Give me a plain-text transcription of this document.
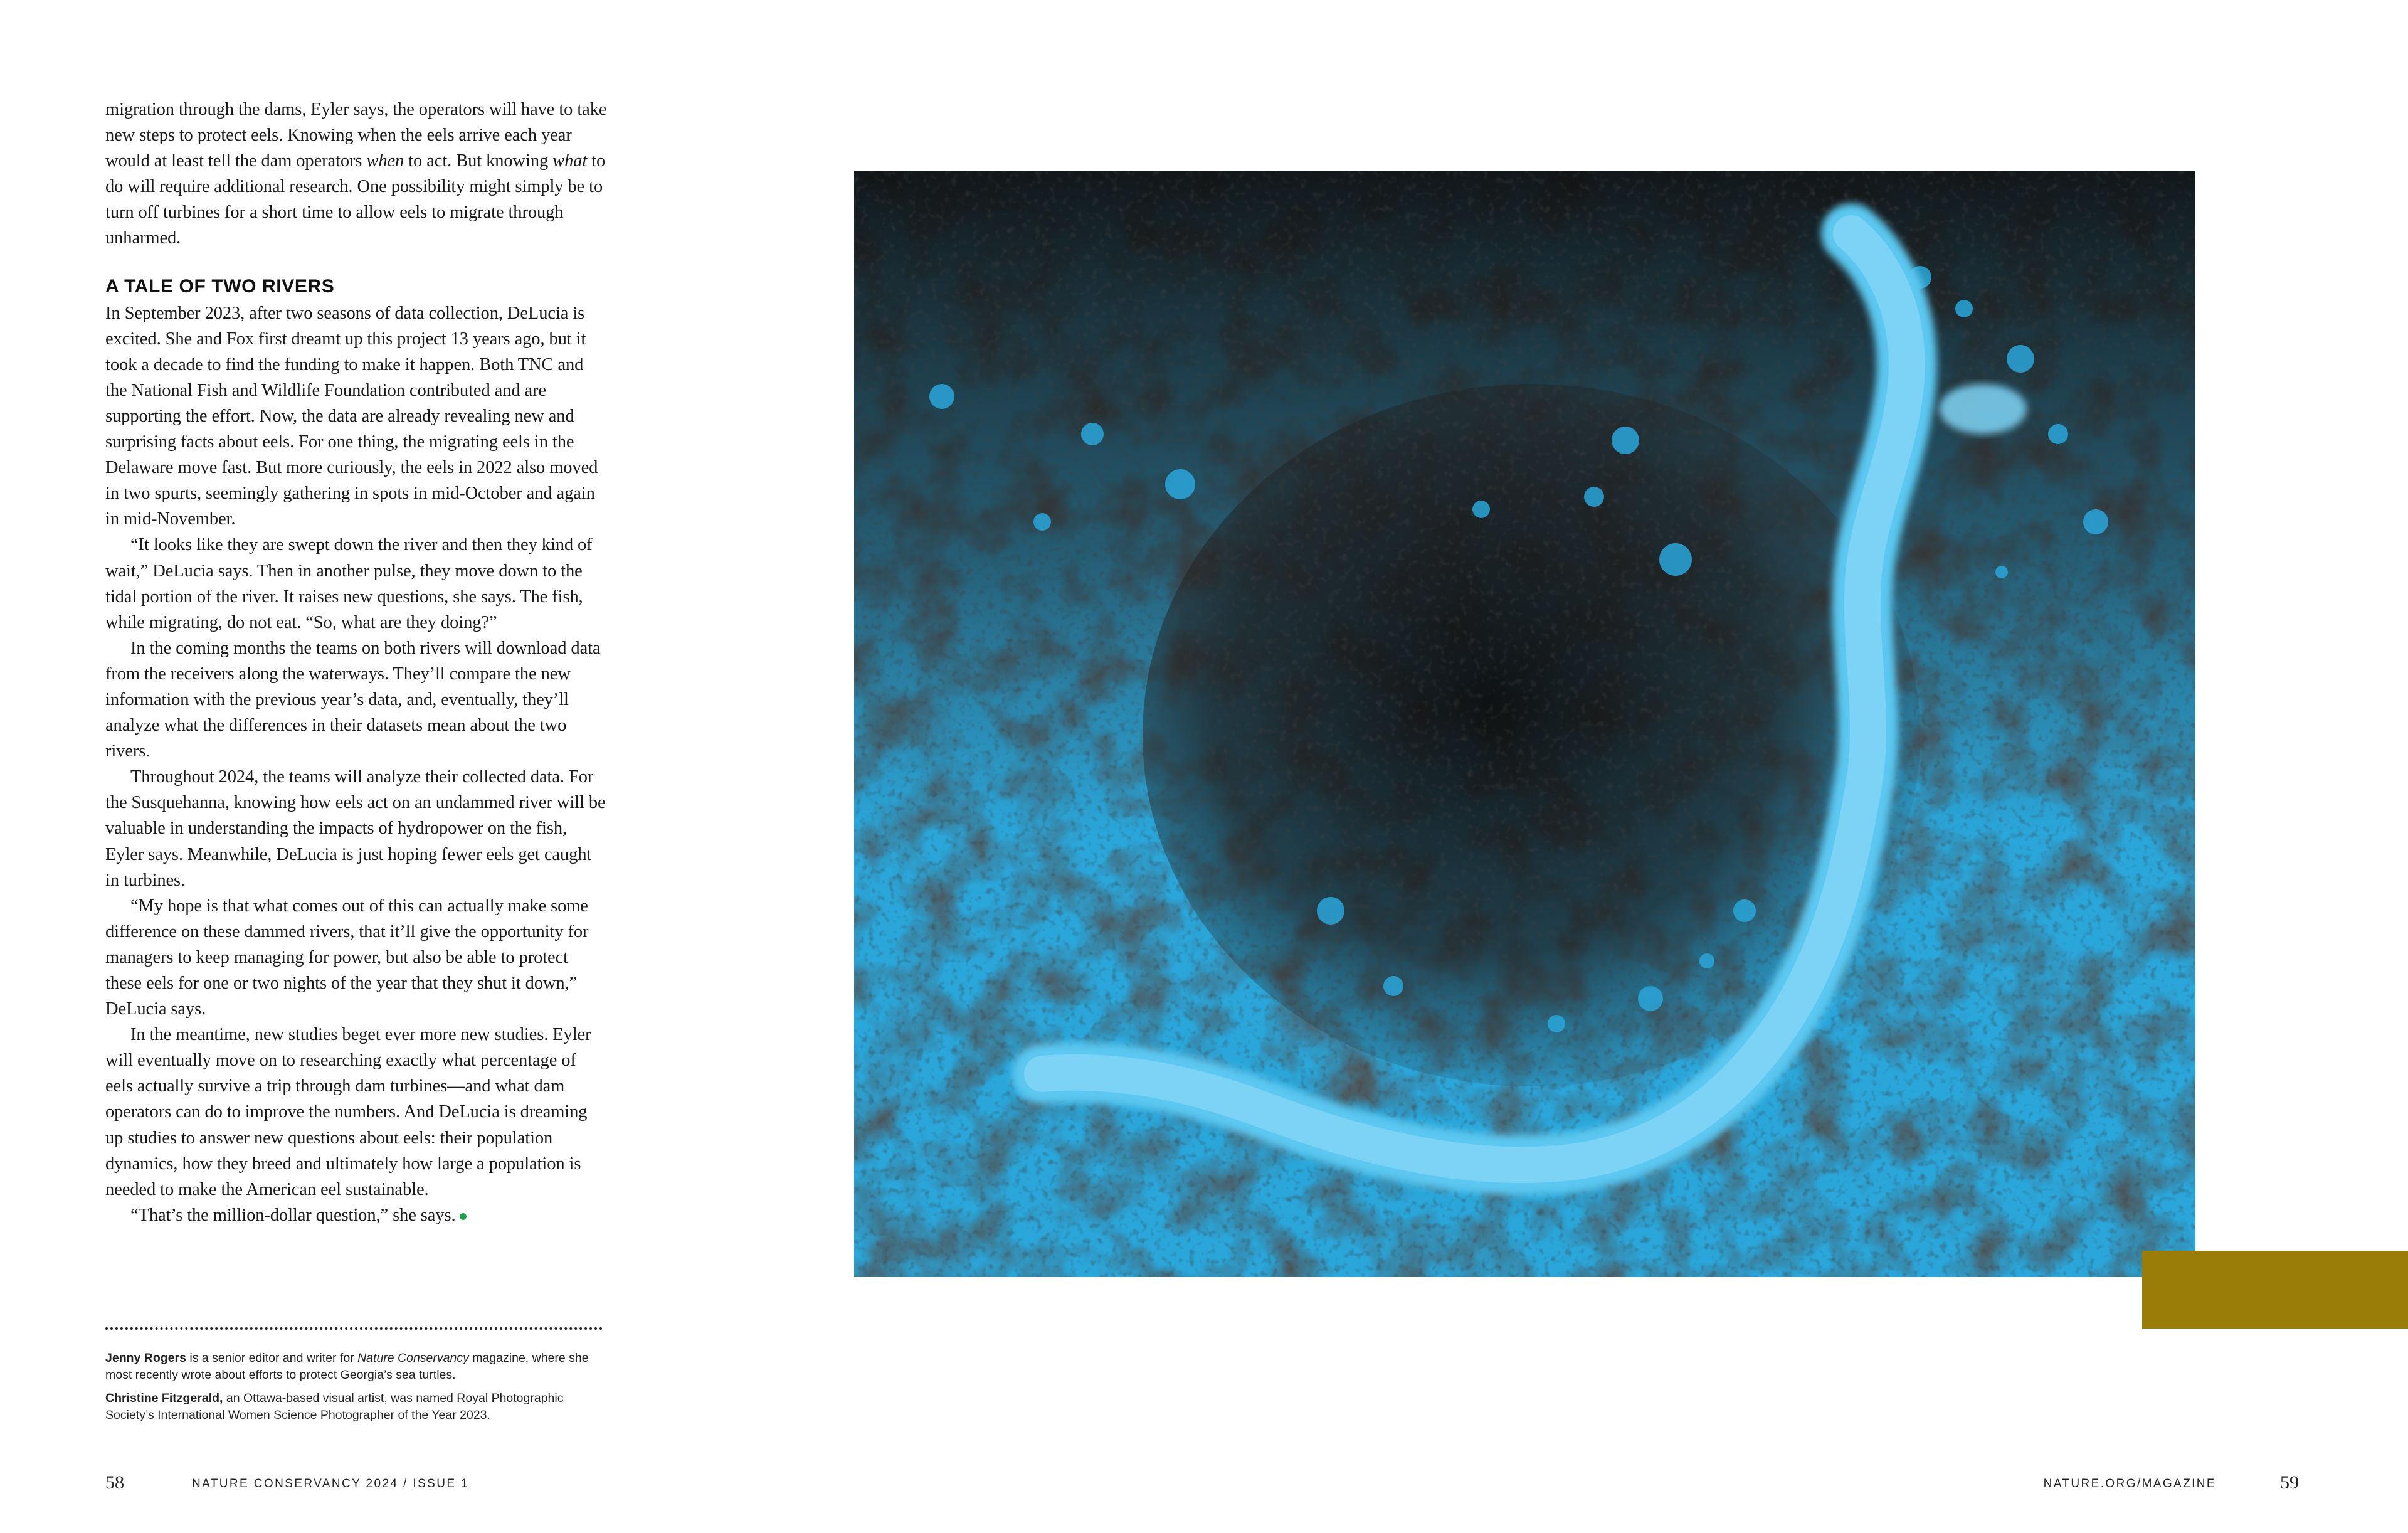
migration through the dams, Eyler says, the operators will have to take new steps to protect eels. Knowing when the eels arrive each year would at least tell the dam operators when to act. But knowing what to do will require additional research. One possibility might simply be to turn off turbines for a short time to allow eels to migrate through unharmed.

A TALE OF TWO RIVERS

In September 2023, after two seasons of data collection, DeLucia is excited. She and Fox first dreamt up this project 13 years ago, but it took a decade to find the funding to make it happen. Both TNC and the National Fish and Wildlife Foundation contributed and are supporting the effort. Now, the data are already revealing new and surprising facts about eels. For one thing, the migrating eels in the Delaware move fast. But more curiously, the eels in 2022 also moved in two spurts, seemingly gathering in spots in mid-October and again in mid-November.

“It looks like they are swept down the river and then they kind of wait,” DeLucia says. Then in another pulse, they move down to the tidal portion of the river. It raises new questions, she says. The fish, while migrating, do not eat. “So, what are they doing?”

In the coming months the teams on both rivers will download data from the receivers along the waterways. They’ll compare the new information with the previous year’s data, and, eventually, they’ll analyze what the differences in their datasets mean about the two rivers.

Throughout 2024, the teams will analyze their collected data. For the Susquehanna, knowing how eels act on an undammed river will be valuable in understanding the impacts of hydropower on the fish, Eyler says. Meanwhile, DeLucia is just hoping fewer eels get caught in turbines.

“My hope is that what comes out of this can actually make some difference on these dammed rivers, that it’ll give the opportunity for managers to keep managing for power, but also be able to protect these eels for one or two nights of the year that they shut it down,” DeLucia says.

In the meantime, new studies beget ever more new studies. Eyler will eventually move on to researching exactly what percentage of eels actually survive a trip through dam turbines—and what dam operators can do to improve the numbers. And DeLucia is dreaming up studies to answer new questions about eels: their population dynamics, how they breed and ultimately how large a population is needed to make the American eel sustainable.

“That’s the million-dollar question,” she says.

Jenny Rogers is a senior editor and writer for Nature Conservancy magazine, where she most recently wrote about efforts to protect Georgia’s sea turtles.

Christine Fitzgerald, an Ottawa-based visual artist, was named Royal Photographic Society’s International Women Science Photographer of the Year 2023.

58	NATURE CONSERVANCY 2024 / ISSUE 1	NATURE.ORG/MAGAZINE	59
